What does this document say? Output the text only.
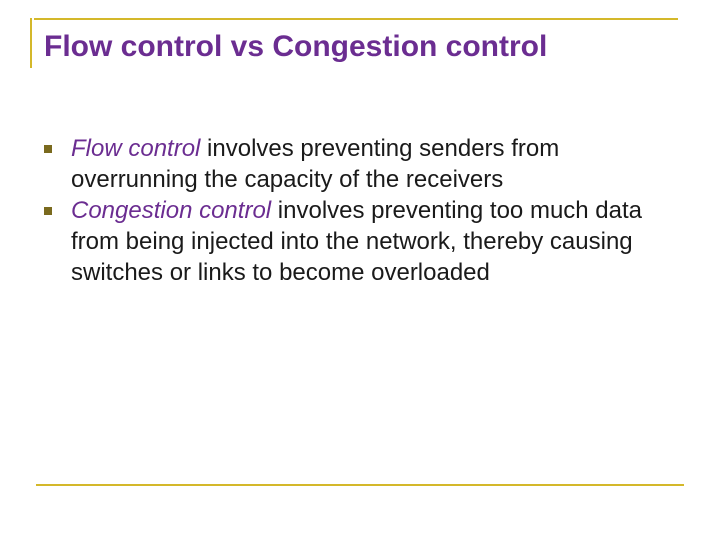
Flow control vs Congestion control
Flow control involves preventing senders from overrunning the capacity of the receivers
Congestion control involves preventing too much data from being injected into the network, thereby causing switches or links to become overloaded
